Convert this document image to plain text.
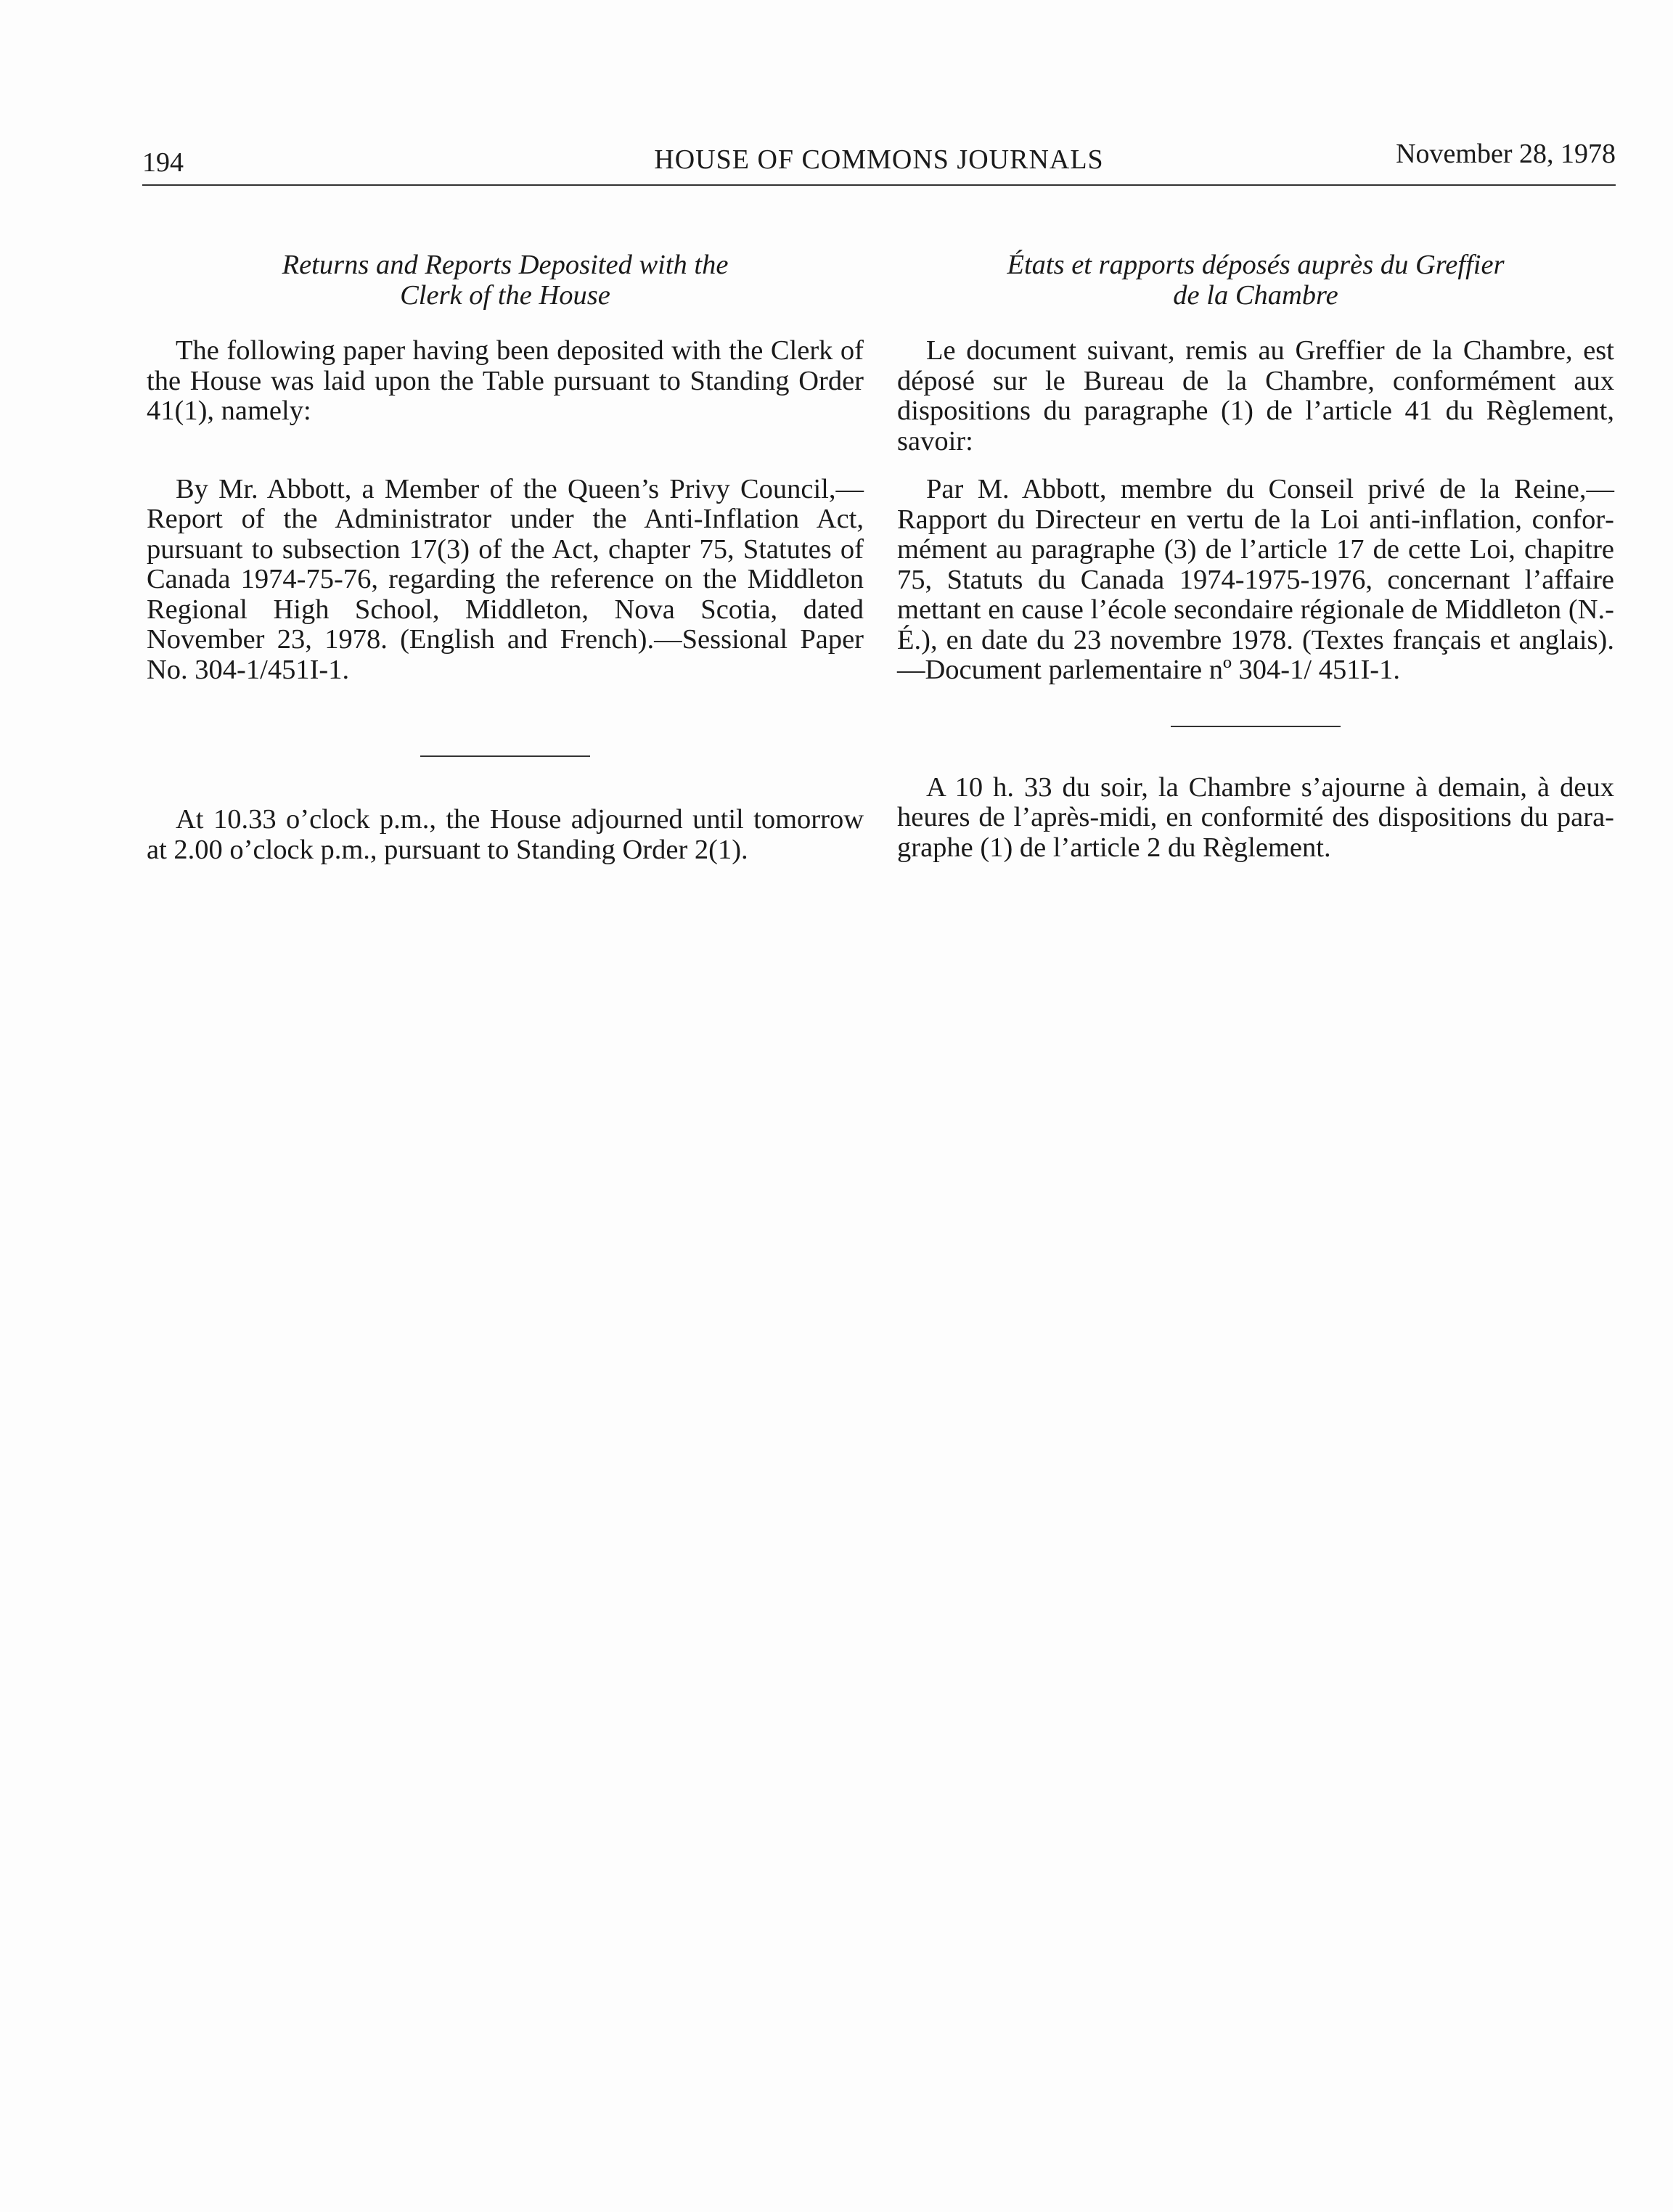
194	HOUSE OF COMMONS JOURNALS	November 28, 1978

Returns and Reports Deposited with the
Clerk of the House

The following paper having been deposited with the Clerk of the House was laid upon the Table pursuant to Standing Order 41(1), namely:

By Mr. Abbott, a Member of the Queen’s Privy Council,—Report of the Administrator under the Anti-Inflation Act, pursuant to subsection 17(3) of the Act, chapter 75, Statutes of Canada 1974-75-76, regarding the reference on the Middleton Regional High School, Middleton, Nova Scotia, dated November 23, 1978. (English and French).—Sessional Paper No. 304-1/451I-1.

At 10.33 o’clock p.m., the House adjourned until tomorrow at 2.00 o’clock p.m., pursuant to Standing Order 2(1).

États et rapports déposés auprès du Greffier
de la Chambre

Le document suivant, remis au Greffier de la Chambre, est déposé sur le Bureau de la Chambre, conformément aux dispositions du paragraphe (1) de l’article 41 du Règlement, savoir:

Par M. Abbott, membre du Conseil privé de la Reine,—Rapport du Directeur en vertu de la Loi anti-inflation, conformément au paragraphe (3) de l’article 17 de cette Loi, chapitre 75, Statuts du Canada 1974-1975-1976, concernant l’affaire mettant en cause l’école secondaire régionale de Middleton (N.-É.), en date du 23 novembre 1978. (Textes français et anglais).—Document parlementaire nº 304-1/ 451I-1.

A 10 h. 33 du soir, la Chambre s’ajourne à demain, à deux heures de l’après-midi, en conformité des dispositions du paragraphe (1) de l’article 2 du Règlement.
